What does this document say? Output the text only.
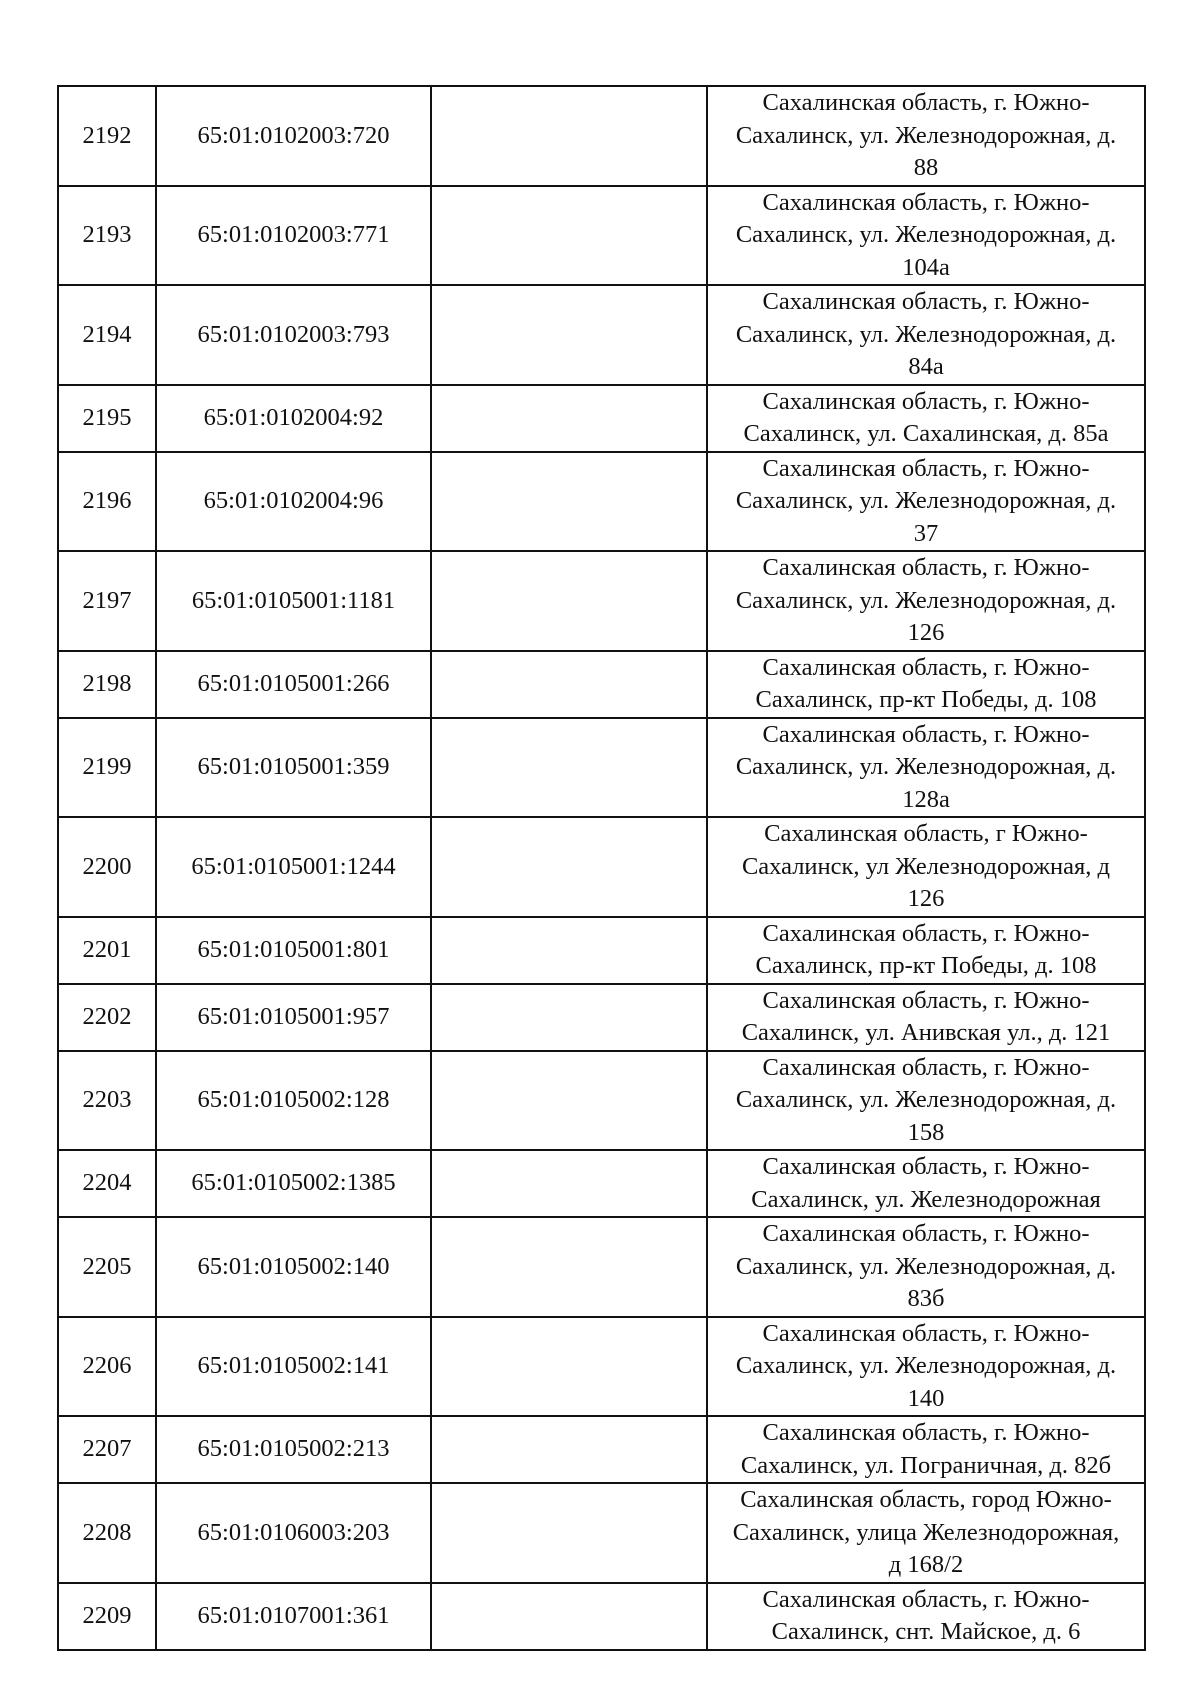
2192	65:01:0102003:720		Сахалинская область, г. Южно-
Сахалинск, ул. Железнодорожная, д.
88
2193	65:01:0102003:771		Сахалинская область, г. Южно-
Сахалинск, ул. Железнодорожная, д.
104а
2194	65:01:0102003:793		Сахалинская область, г. Южно-
Сахалинск, ул. Железнодорожная, д.
84а
2195	65:01:0102004:92		Сахалинская область, г. Южно-
Сахалинск, ул. Сахалинская, д. 85а
2196	65:01:0102004:96		Сахалинская область, г. Южно-
Сахалинск, ул. Железнодорожная, д.
37
2197	65:01:0105001:1181		Сахалинская область, г. Южно-
Сахалинск, ул. Железнодорожная, д.
126
2198	65:01:0105001:266		Сахалинская область, г. Южно-
Сахалинск, пр-кт Победы, д. 108
2199	65:01:0105001:359		Сахалинская область, г. Южно-
Сахалинск, ул. Железнодорожная, д.
128а
2200	65:01:0105001:1244		Сахалинская область, г Южно-
Сахалинск, ул Железнодорожная, д
126
2201	65:01:0105001:801		Сахалинская область, г. Южно-
Сахалинск, пр-кт Победы, д. 108
2202	65:01:0105001:957		Сахалинская область, г. Южно-
Сахалинск, ул. Анивская ул., д. 121
2203	65:01:0105002:128		Сахалинская область, г. Южно-
Сахалинск, ул. Железнодорожная, д.
158
2204	65:01:0105002:1385		Сахалинская область, г. Южно-
Сахалинск, ул. Железнодорожная
2205	65:01:0105002:140		Сахалинская область, г. Южно-
Сахалинск, ул. Железнодорожная, д.
83б
2206	65:01:0105002:141		Сахалинская область, г. Южно-
Сахалинск, ул. Железнодорожная, д.
140
2207	65:01:0105002:213		Сахалинская область, г. Южно-
Сахалинск, ул. Пограничная, д. 82б
2208	65:01:0106003:203		Сахалинская область, город Южно-
Сахалинск, улица Железнодорожная,
д 168/2
2209	65:01:0107001:361		Сахалинская область, г. Южно-
Сахалинск, снт. Майское, д. 6
